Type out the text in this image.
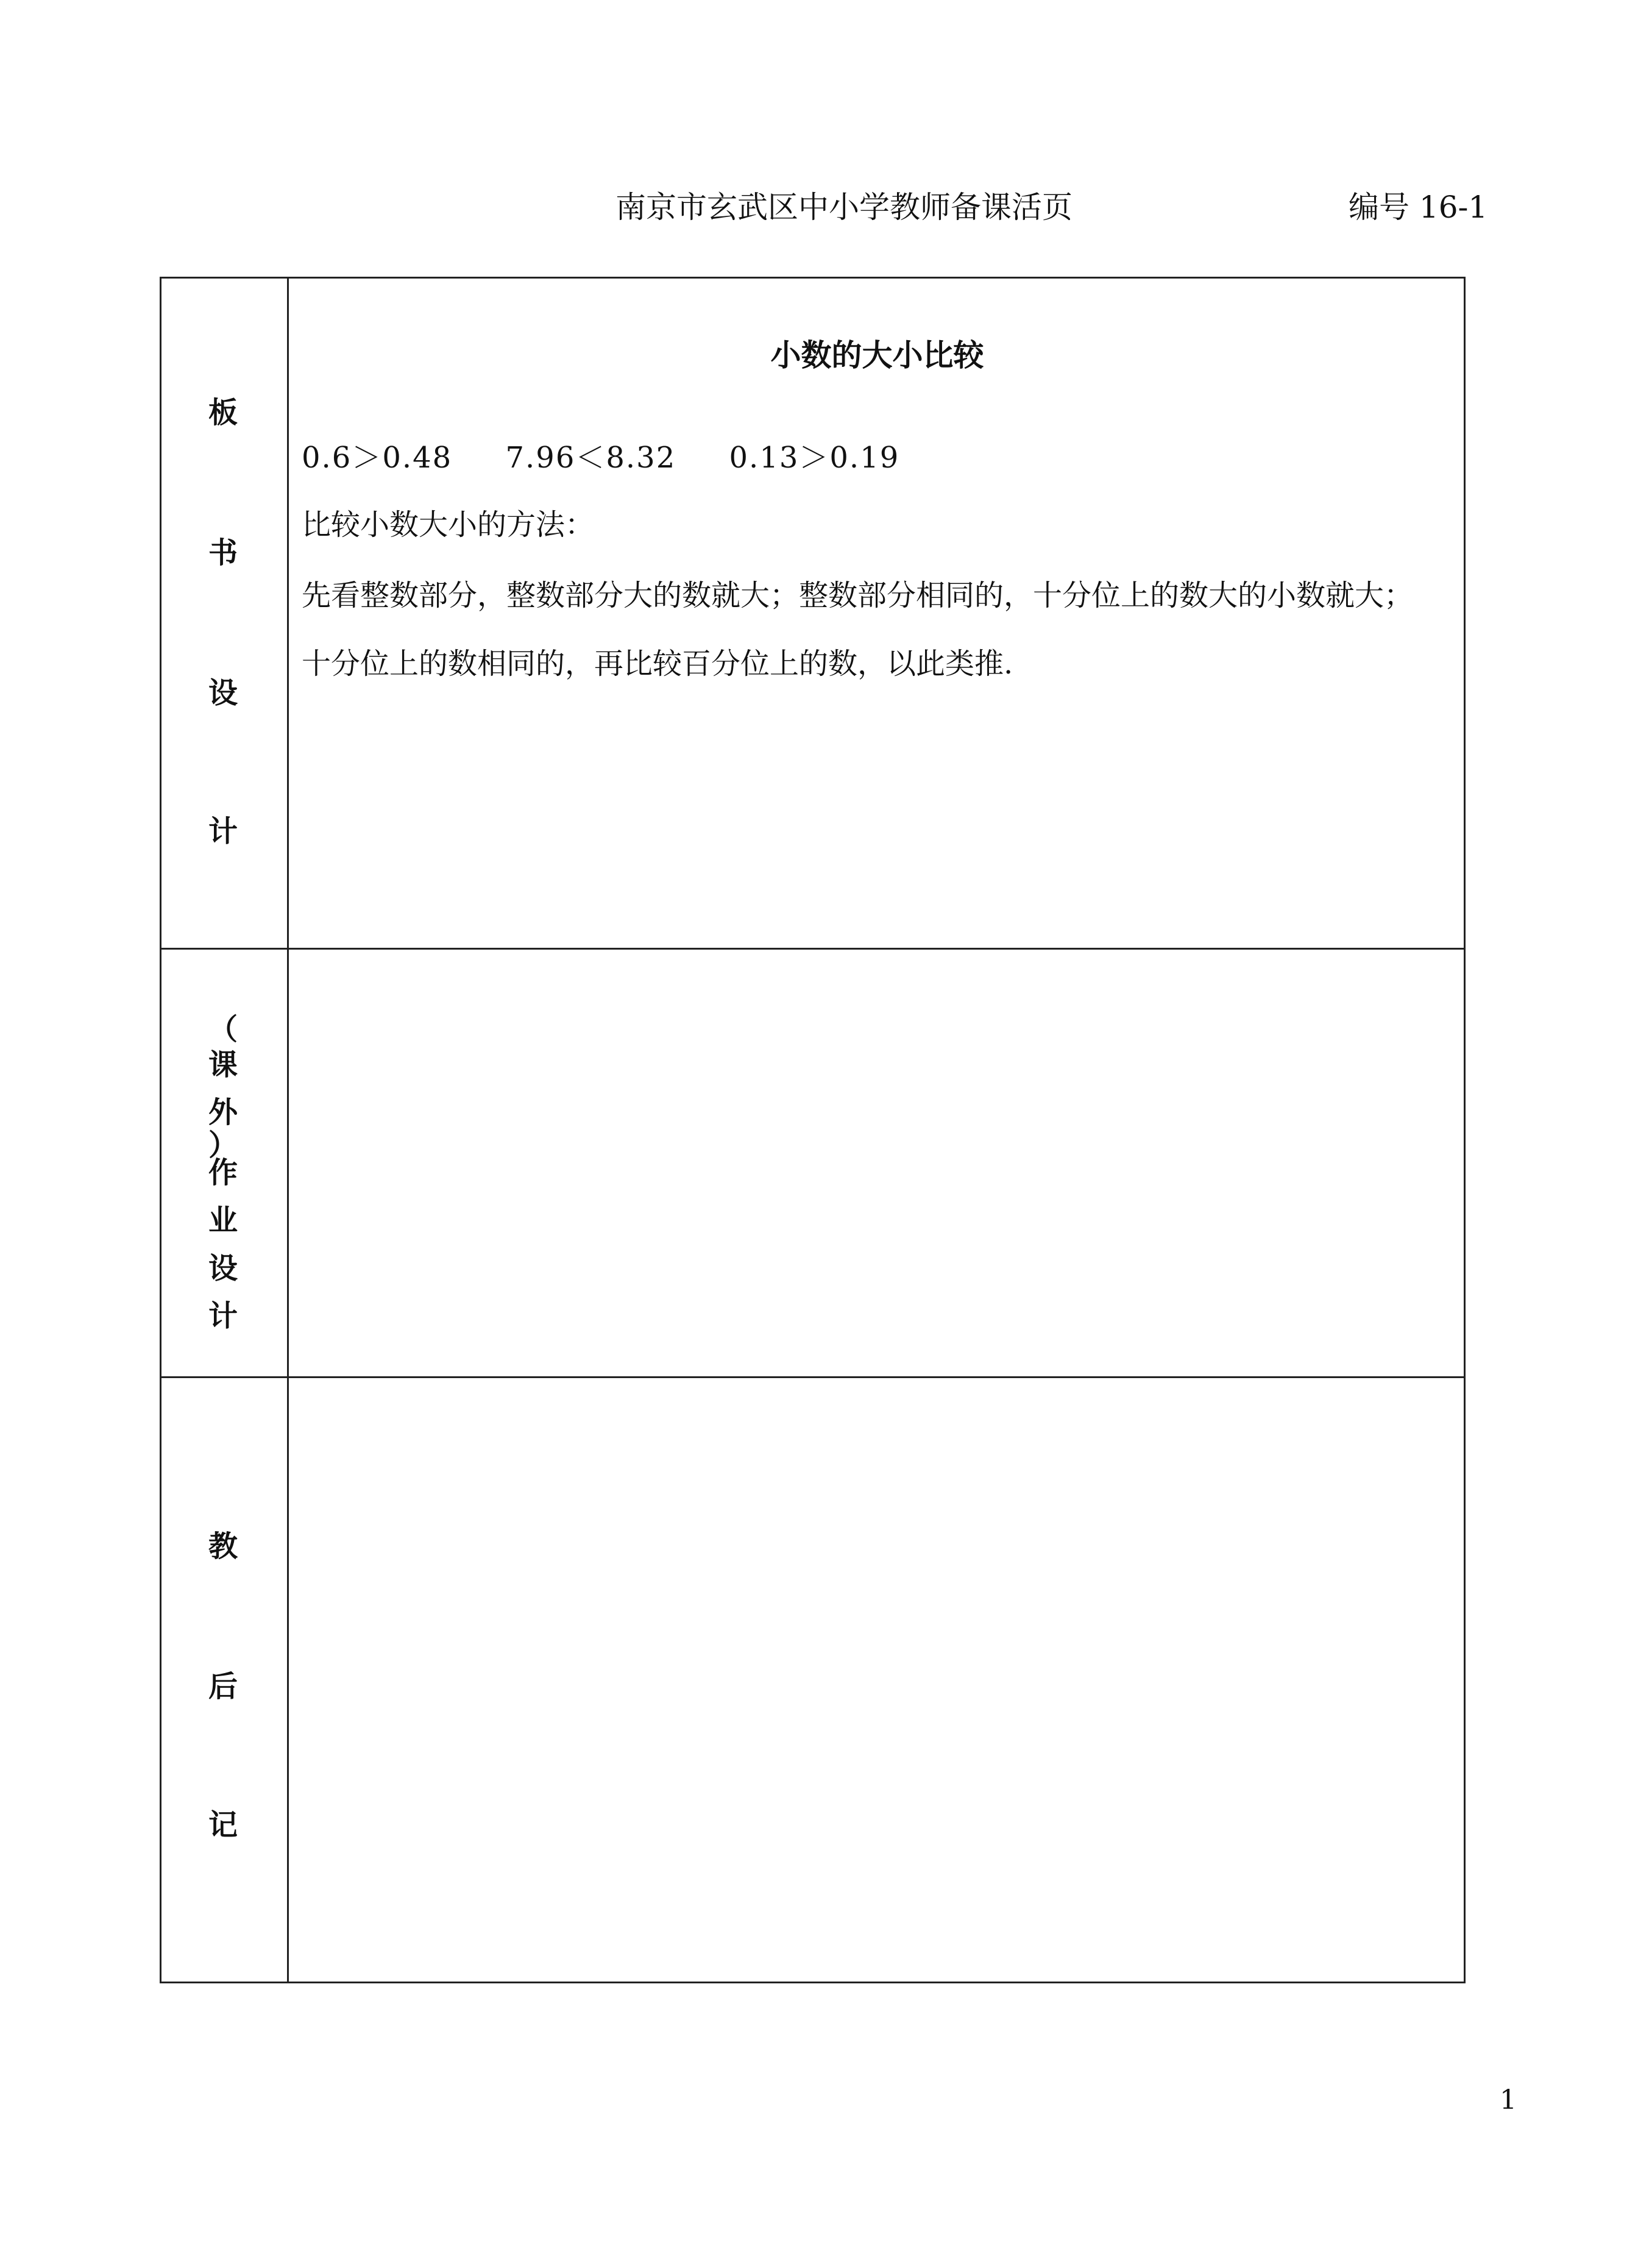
南京市玄武区中小学教师备课活页	编号 16-1
板
书
设
计
小数的大小比较
0.6＞0.48 7.96＜8.32 0.13＞0.19
比较小数大小的方法：
先看整数部分，整数部分大的数就大；整数部分相同的，十分位上的数大的小数就大；
十分位上的数相同的，再比较百分位上的数，以此类推.
（
课
外
）
作
业
设
计
教
后
记
1
